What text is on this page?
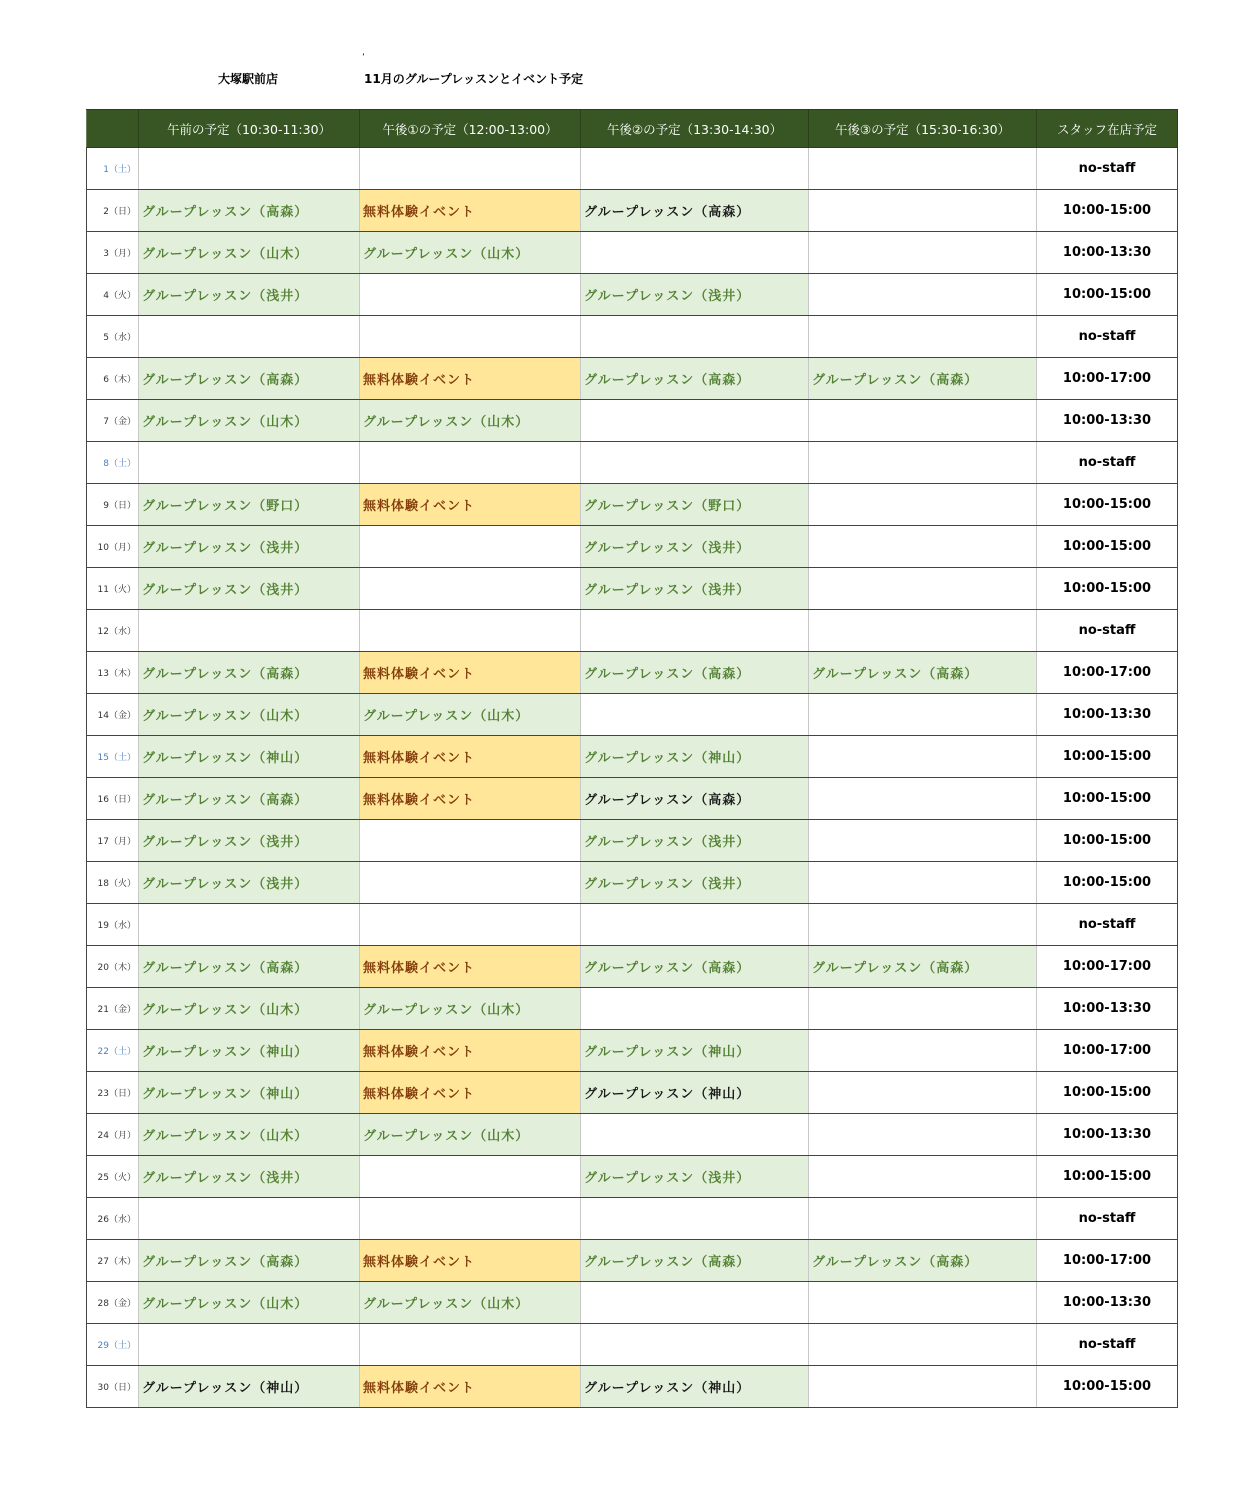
ʼ
大塚駅前店	11月のグループレッスンとイベント予定
	午前の予定（10:30-11:30）	午後①の予定（12:00-13:00）	午後②の予定（13:30-14:30）	午後③の予定（15:30-16:30）	スタッフ在店予定
1（土）					no-staff
2（日）	グループレッスン（高森）	無料体験イベント	グループレッスン（高森）		10:00-15:00
3（月）	グループレッスン（山木）	グループレッスン（山木）			10:00-13:30
4（火）	グループレッスン（浅井）		グループレッスン（浅井）		10:00-15:00
5（水）					no-staff
6（木）	グループレッスン（高森）	無料体験イベント	グループレッスン（高森）	グループレッスン（高森）	10:00-17:00
7（金）	グループレッスン（山木）	グループレッスン（山木）			10:00-13:30
8（土）					no-staff
9（日）	グループレッスン（野口）	無料体験イベント	グループレッスン（野口）		10:00-15:00
10（月）	グループレッスン（浅井）		グループレッスン（浅井）		10:00-15:00
11（火）	グループレッスン（浅井）		グループレッスン（浅井）		10:00-15:00
12（水）					no-staff
13（木）	グループレッスン（高森）	無料体験イベント	グループレッスン（高森）	グループレッスン（高森）	10:00-17:00
14（金）	グループレッスン（山木）	グループレッスン（山木）			10:00-13:30
15（土）	グループレッスン（神山）	無料体験イベント	グループレッスン（神山）		10:00-15:00
16（日）	グループレッスン（高森）	無料体験イベント	グループレッスン（高森）		10:00-15:00
17（月）	グループレッスン（浅井）		グループレッスン（浅井）		10:00-15:00
18（火）	グループレッスン（浅井）		グループレッスン（浅井）		10:00-15:00
19（水）					no-staff
20（木）	グループレッスン（高森）	無料体験イベント	グループレッスン（高森）	グループレッスン（高森）	10:00-17:00
21（金）	グループレッスン（山木）	グループレッスン（山木）			10:00-13:30
22（土）	グループレッスン（神山）	無料体験イベント	グループレッスン（神山）		10:00-17:00
23（日）	グループレッスン（神山）	無料体験イベント	グループレッスン（神山）		10:00-15:00
24（月）	グループレッスン（山木）	グループレッスン（山木）			10:00-13:30
25（火）	グループレッスン（浅井）		グループレッスン（浅井）		10:00-15:00
26（水）					no-staff
27（木）	グループレッスン（高森）	無料体験イベント	グループレッスン（高森）	グループレッスン（高森）	10:00-17:00
28（金）	グループレッスン（山木）	グループレッスン（山木）			10:00-13:30
29（土）					no-staff
30（日）	グループレッスン（神山）	無料体験イベント	グループレッスン（神山）		10:00-15:00
